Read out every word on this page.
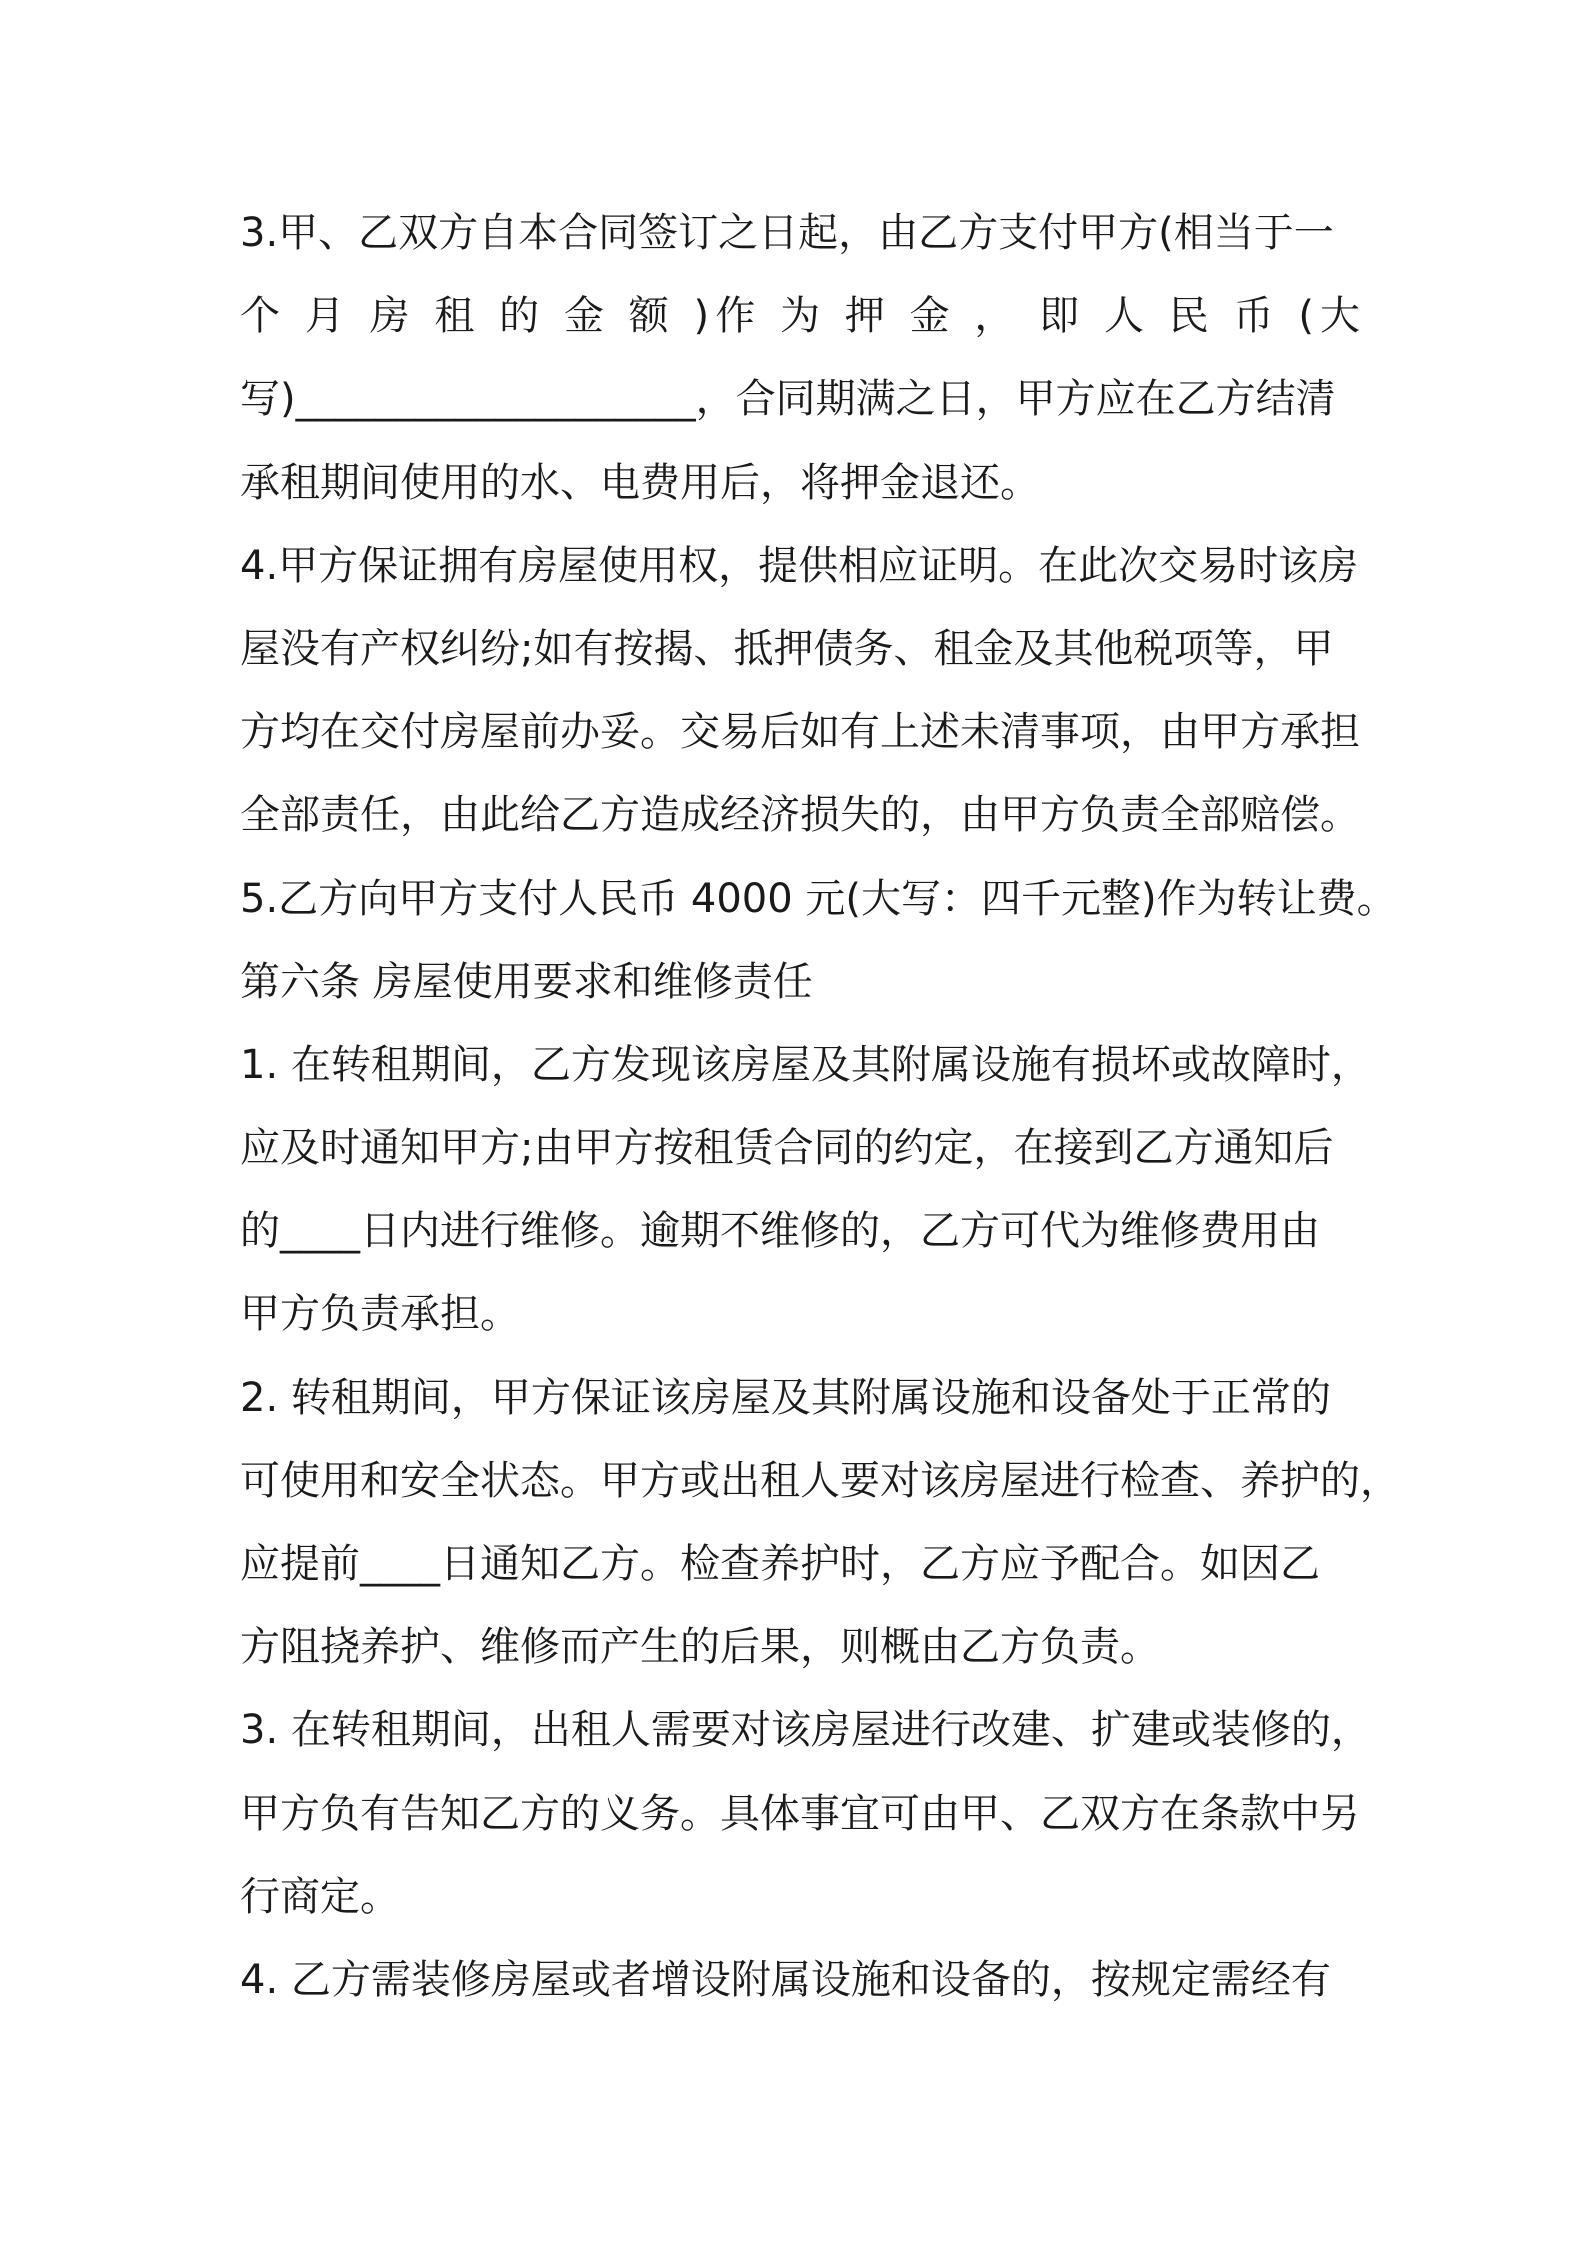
3.甲、乙双方自本合同签订之日起，由乙方支付甲方(相当于一
个 月 房 租 的 金 额 )作 为 押 金 ， 即 人 民 币 (大
写)____________________，合同期满之日，甲方应在乙方结清
承租期间使用的水、电费用后，将押金退还。
4.甲方保证拥有房屋使用权，提供相应证明。在此次交易时该房
屋没有产权纠纷;如有按揭、抵押债务、租金及其他税项等，甲
方均在交付房屋前办妥。交易后如有上述未清事项，由甲方承担
全部责任，由此给乙方造成经济损失的，由甲方负责全部赔偿。
5.乙方向甲方支付人民币 4000 元(大写：四千元整)作为转让费。
第六条 房屋使用要求和维修责任
1. 在转租期间，乙方发现该房屋及其附属设施有损坏或故障时，
应及时通知甲方;由甲方按租赁合同的约定，在接到乙方通知后
的____日内进行维修。逾期不维修的，乙方可代为维修费用由
甲方负责承担。
2. 转租期间，甲方保证该房屋及其附属设施和设备处于正常的
可使用和安全状态。甲方或出租人要对该房屋进行检查、养护的，
应提前____日通知乙方。检查养护时，乙方应予配合。如因乙
方阻挠养护、维修而产生的后果，则概由乙方负责。
3. 在转租期间，出租人需要对该房屋进行改建、扩建或装修的，
甲方负有告知乙方的义务。具体事宜可由甲、乙双方在条款中另
行商定。
4. 乙方需装修房屋或者增设附属设施和设备的，按规定需经有
